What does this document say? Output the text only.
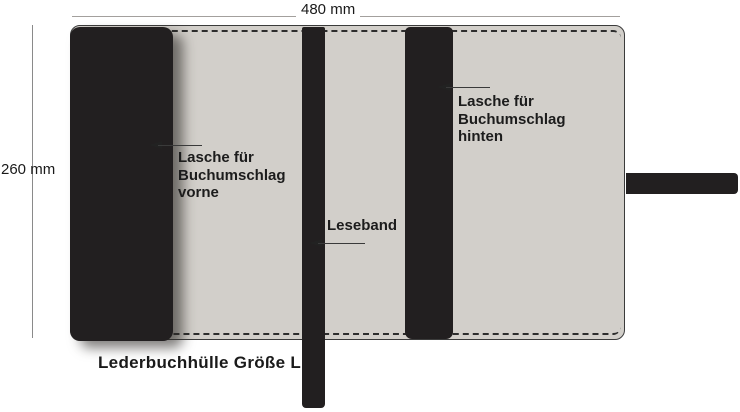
480 mm
260 mm
Lasche für
Buchumschlag
vorne
Lasche für
Buchumschlag
hinten
Leseband
Lederbuchhülle Größe L
